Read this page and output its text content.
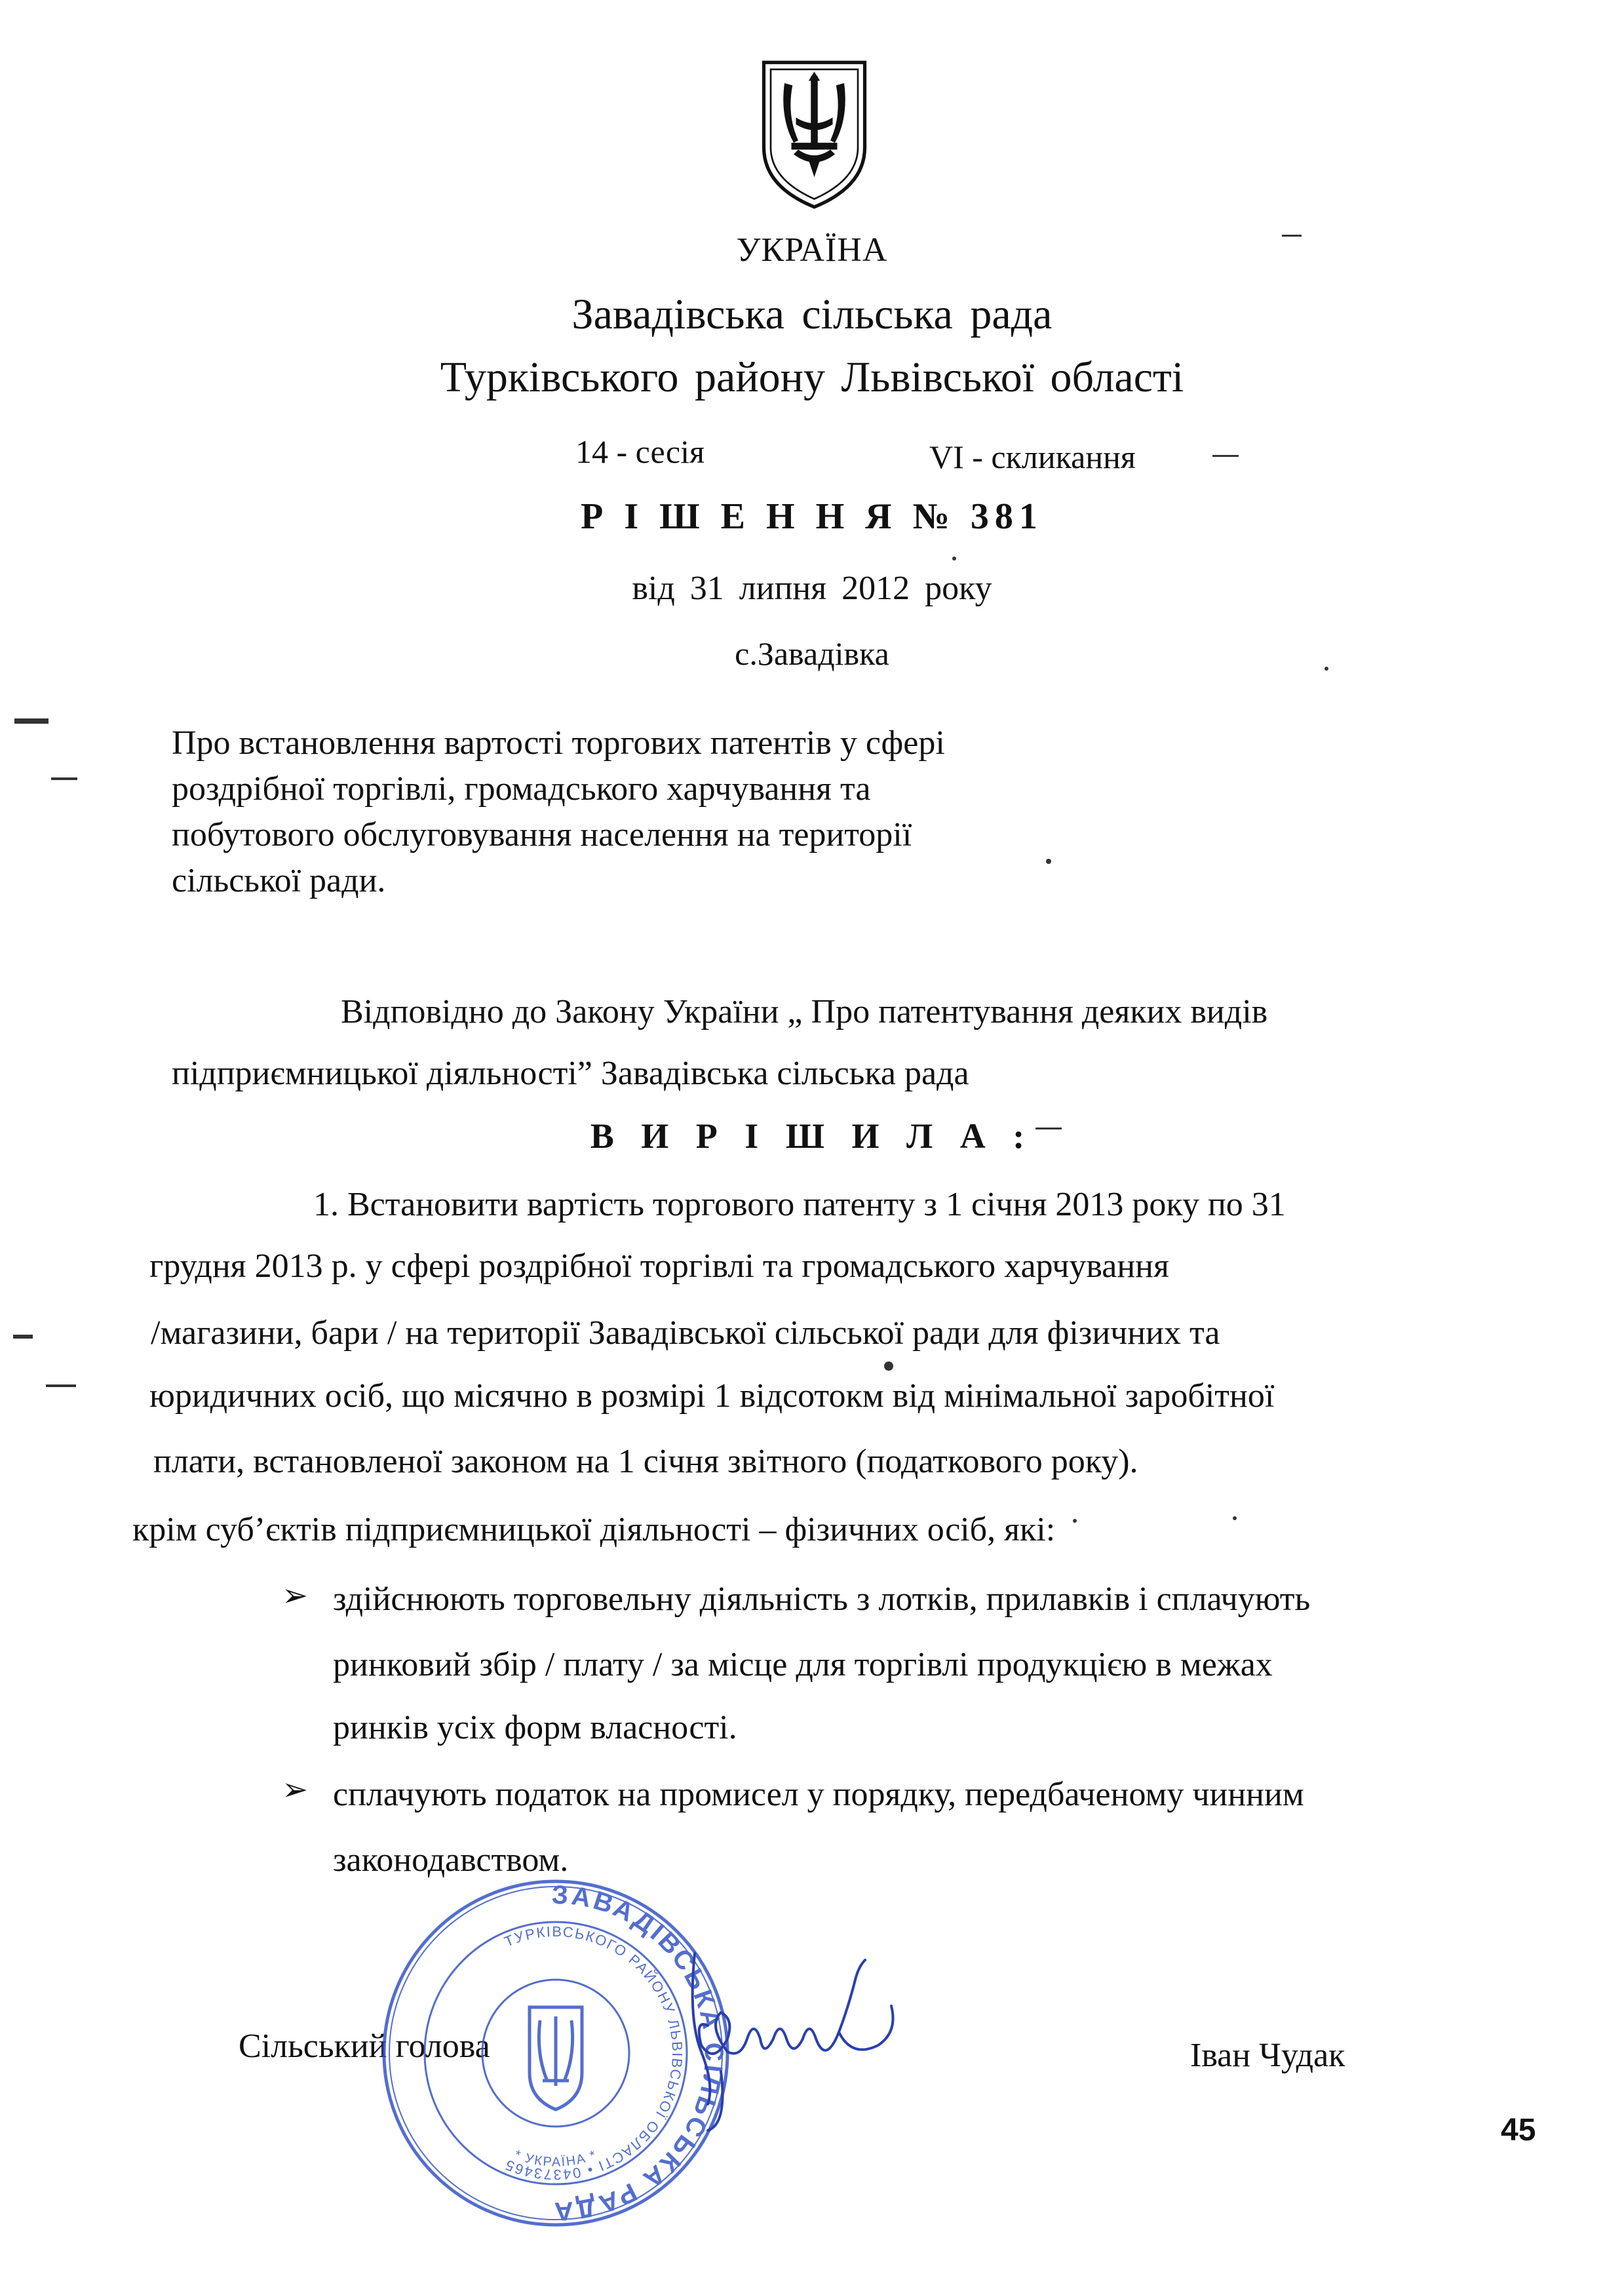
УКРАЇНА
Завадівська сільська рада
Турківського району Львівської області
14 - сесія	VI - скликання
Р І Ш Е Н Н Я № 381
від 31 липня 2012 року
с.Завадівка
Про встановлення вартості торгових патентів у сфері
роздрібної торгівлі, громадського харчування та
побутового обслуговування населення на території
сільської ради.
Відповідно до Закону України „ Про патентування деяких видів
підприємницької діяльності” Завадівська сільська рада
В И Р І Ш И Л А :
1. Встановити вартість торгового патенту з 1 січня 2013 року по 31
грудня 2013 р. у сфері роздрібної торгівлі та громадського харчування
/магазини, бари / на території Завадівської сільської ради для фізичних та
юридичних осіб, що місячно в розмірі 1 відсотокм від мінімальної заробітної
плати, встановленої законом на 1 січня звітного (податкового року).
крім суб’єктів підприємницької діяльності – фізичних осіб, які:
➢ здійснюють торговельну діяльність з лотків, прилавків і сплачують
ринковий збір / плату / за місце для торгівлі продукцією в межах
ринків усіх форм власності.
➢ сплачують податок на промисел у порядку, передбаченому чинним
законодавством.
Сільський голова	Іван Чудак
45
ЗАВАДІВСЬКА СІЛЬСЬКА РАДА
ТУРКІВСЬКОГО РАЙОНУ ЛЬВІВСЬКОЇ ОБЛАСТІ • 04373465
* УКРАЇНА *
